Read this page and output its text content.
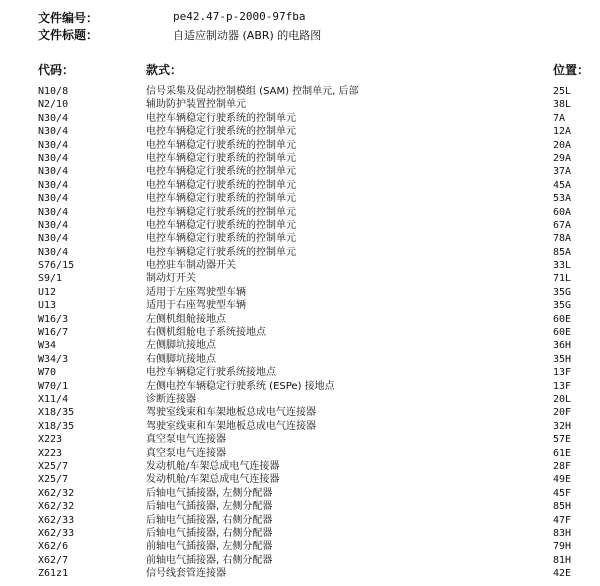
文件编号：	pe42.47-p-2000-97fba
文件标题：	自适应制动器 (ABR) 的电路图
代码：	款式：	位置：
N10/8	信号采集及促动控制模组 (SAM) 控制单元, 后部	25L
N2/10	辅助防护装置控制单元	38L
N30/4	电控车辆稳定行驶系统的控制单元	7A
N30/4	电控车辆稳定行驶系统的控制单元	12A
N30/4	电控车辆稳定行驶系统的控制单元	20A
N30/4	电控车辆稳定行驶系统的控制单元	29A
N30/4	电控车辆稳定行驶系统的控制单元	37A
N30/4	电控车辆稳定行驶系统的控制单元	45A
N30/4	电控车辆稳定行驶系统的控制单元	53A
N30/4	电控车辆稳定行驶系统的控制单元	60A
N30/4	电控车辆稳定行驶系统的控制单元	67A
N30/4	电控车辆稳定行驶系统的控制单元	78A
N30/4	电控车辆稳定行驶系统的控制单元	85A
S76/15	电控驻车制动器开关	33L
S9/1	制动灯开关	71L
U12	适用于左座驾驶型车辆	35G
U13	适用于右座驾驶型车辆	35G
W16/3	左侧机组舱接地点	60E
W16/7	右侧机组舱电子系统接地点	60E
W34	左侧脚坑接地点	36H
W34/3	右侧脚坑接地点	35H
W70	电控车辆稳定行驶系统接地点	13F
W70/1	左侧电控车辆稳定行驶系统 (ESPe) 接地点	13F
X11/4	诊断连接器	20L
X18/35	驾驶室线束和车架地板总成电气连接器	20F
X18/35	驾驶室线束和车架地板总成电气连接器	32H
X223	真空泵电气连接器	57E
X223	真空泵电气连接器	61E
X25/7	发动机舱/车架总成电气连接器	28F
X25/7	发动机舱/车架总成电气连接器	49E
X62/32	后轴电气插接器, 左侧分配器	45F
X62/32	后轴电气插接器, 左侧分配器	85H
X62/33	后轴电气插接器, 右侧分配器	47F
X62/33	后轴电气插接器, 右侧分配器	83H
X62/6	前轴电气插接器, 左侧分配器	79H
X62/7	前轴电气插接器, 右侧分配器	81H
Z61z1	信号线套管连接器	42E
